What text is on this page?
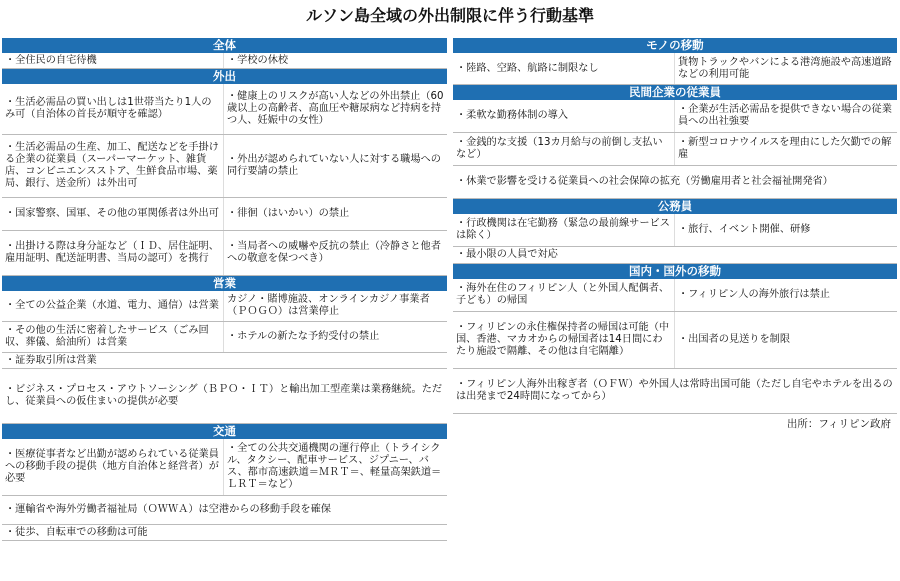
ルソン島全域の外出制限に伴う行動基準
全体
・全住民の自宅待機	・学校の休校
外出
・生活必需品の買い出しは1世帯当たり1人のみ可（自治体の首長が順守を確認）
・健康上のリスクが高い人などの外出禁止（60歳以上の高齢者、高血圧や糖尿病など持病を持つ人、妊娠中の女性）
・生活必需品の生産、加工、配送などを手掛ける企業の従業員（スーパーマーケット、雑貨店、コンビニエンスストア、生鮮食品市場、薬局、銀行、送金所）は外出可
・外出が認められていない人に対する職場への同行要請の禁止
・国家警察、国軍、その他の軍関係者は外出可 ・徘徊（はいかい）の禁止
・出掛ける際は身分証など（ＩＤ、居住証明、雇用証明、配送証明書、当局の認可）を携行
・当局者への威嚇や反抗の禁止（冷静さと他者への敬意を保つべき）
営業
・全ての公益企業（水道、電力、通信）は営業
カジノ・賭博施設、オンラインカジノ事業者（ＰＯＧＯ）は営業停止
・その他の生活に密着したサービス（ごみ回収、葬儀、給油所）は営業
・ホテルの新たな予約受付の禁止
・証券取引所は営業
・ビジネス・プロセス・アウトソーシング（ＢＰＯ・ＩＴ）と輸出加工型産業は業務継続。ただし、従業員への仮住まいの提供が必要
交通
・医療従事者など出勤が認められている従業員への移動手段の提供（地方自治体と経営者）が必要
・全ての公共交通機関の運行停止（トライシクル、タクシー、配車サービス、ジプニー、バス、都市高速鉄道＝ＭＲＴ＝、軽量高架鉄道＝ＬＲＴ＝など）
・運輸省や海外労働者福祉局（ＯＷＷＡ）は空港からの移動手段を確保
・徒歩、自転車での移動は可能
モノの移動
・陸路、空路、航路に制限なし
貨物トラックやバンによる港湾施設や高速道路などの利用可能
民間企業の従業員
・柔軟な勤務体制の導入
・企業が生活必需品を提供できない場合の従業員への出社強要
・金銭的な支援（13カ月給与の前倒し支払いなど）
・新型コロナウイルスを理由にした欠勤での解雇
・休業で影響を受ける従業員への社会保障の拡充（労働雇用者と社会福祉開発省）
公務員
・行政機関は在宅勤務（緊急の最前線サービスは除く）
・旅行、イベント開催、研修
・最小限の人員で対応
国内・国外の移動
・海外在住のフィリピン人（と外国人配偶者、子ども）の帰国
・フィリピン人の海外旅行は禁止
・フィリピンの永住権保持者の帰国は可能（中国、香港、マカオからの帰国者は14日間にわたり施設で隔離、その他は自宅隔離）
・出国者の見送りを制限
・フィリピン人海外出稼ぎ者（ＯＦＷ）や外国人は常時出国可能（ただし自宅やホテルを出るのは出発まで24時間になってから）
出所：フィリピン政府
